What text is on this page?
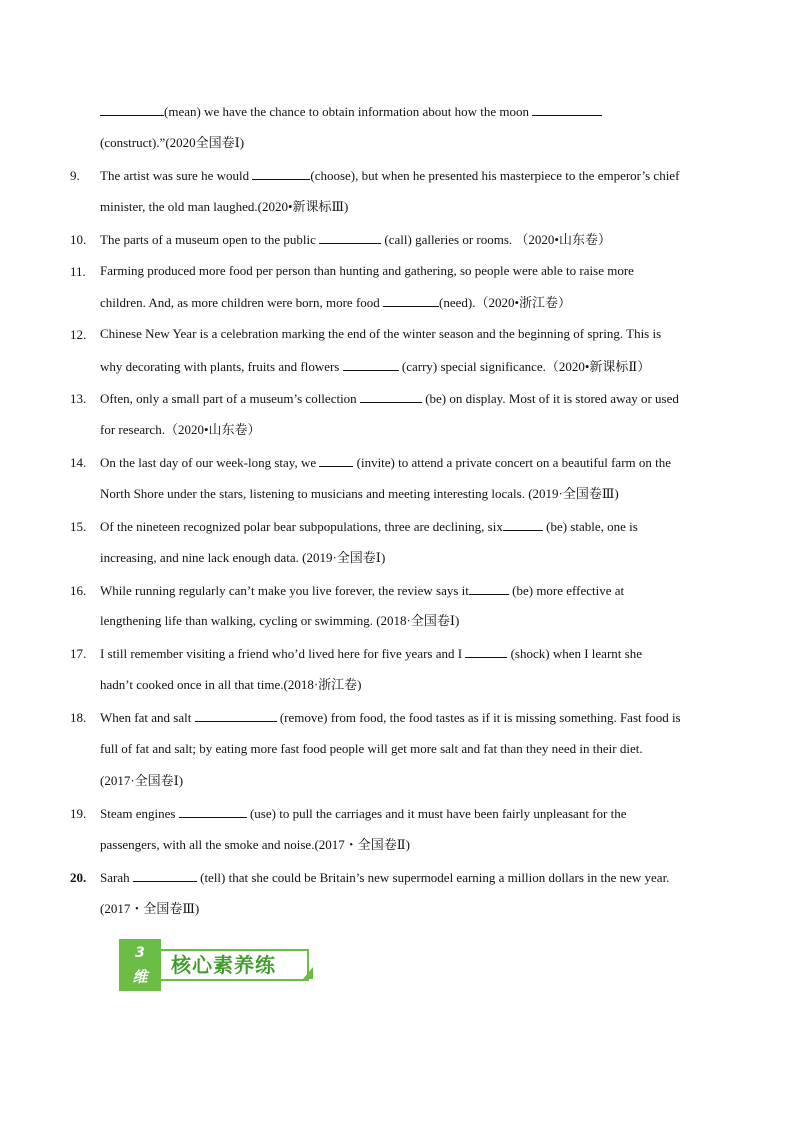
3
维	核心素养练
(mean) we have the chance to obtain information about how the moon
(construct).”(2020全国卷Ⅰ)
9.	The artist was sure he would	(choose), but when he presented his masterpiece to the emperor’s chief
minister, the old man laughed.(2020•新课标Ⅲ)
10.	The parts of a museum open to the public	(call) galleries or rooms. （2020•山东卷）
11.	Farming produced more food per person than hunting and gathering, so people were able to raise more
children. And, as more children were born, more food	(need).（2020•浙江卷）
12.	Chinese New Year is a celebration marking the end of the winter season and the beginning of spring. This is
why decorating with plants, fruits and flowers	(carry) special significance.（2020•新课标Ⅱ）
13.	Often, only a small part of a museum’s collection	(be) on display. Most of it is stored away or used
for research.（2020•山东卷）
14.	On the last day of our week-long stay, we	(invite) to attend a private concert on a beautiful farm on the
North Shore under the stars, listening to musicians and meeting interesting locals. (2019·全国卷Ⅲ)
15.	Of the nineteen recognized polar bear subpopulations, three are declining, six	(be) stable, one is
increasing, and nine lack enough data. (2019·全国卷Ⅰ)
16.	While running regularly can’t make you live forever, the review says it	(be) more effective at
lengthening life than walking, cycling or swimming. (2018·全国卷Ⅰ)
17.	I still remember visiting a friend who’d lived here for five years and I	(shock) when I learnt she
hadn’t cooked once in all that time.(2018·浙江卷)
18.	When fat and salt	(remove) from food, the food tastes as if it is missing something. Fast food is
full of fat and salt; by eating more fast food people will get more salt and fat than they need in their diet.
(2017·全国卷Ⅰ)
19.	Steam engines	(use) to pull the carriages and it must have been fairly unpleasant for the
passengers, with all the smoke and noise.(2017・全国卷Ⅱ)
20.	Sarah	(tell) that she could be Britain’s new supermodel earning a million dollars in the new year.
(2017・全国卷Ⅲ)
